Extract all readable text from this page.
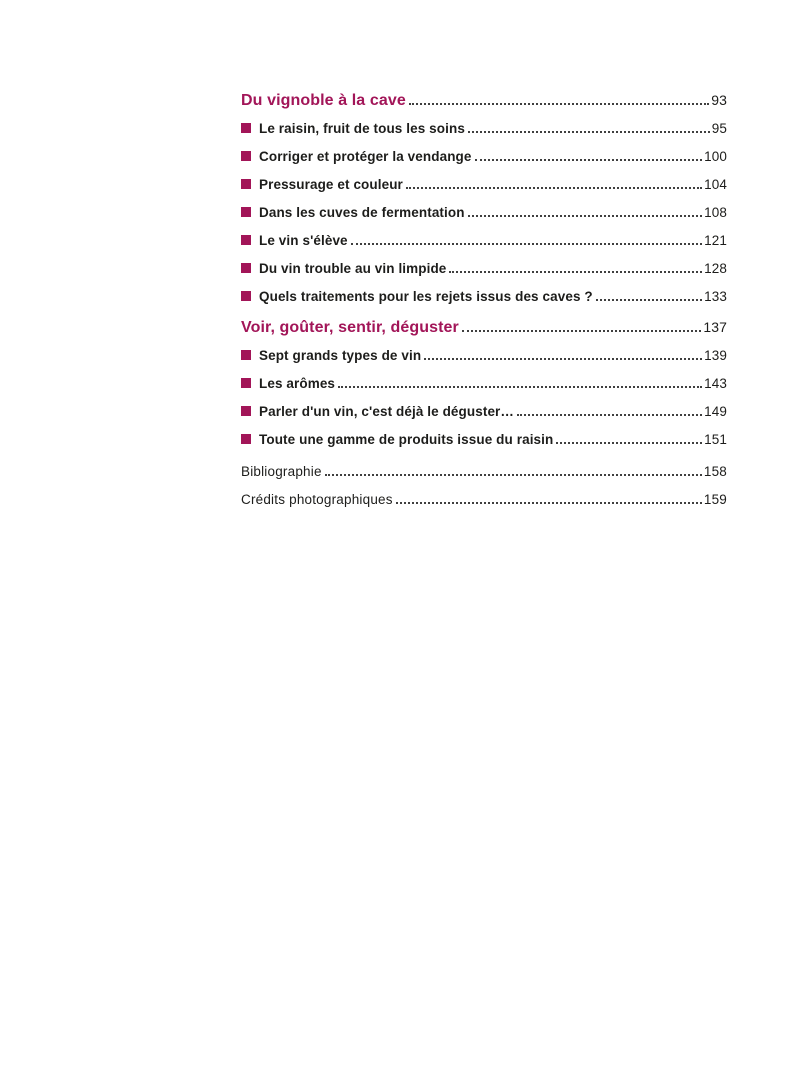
Du vignoble à la cave	93
Le raisin, fruit de tous les soins	95
Corriger et protéger la vendange	100
Pressurage et couleur	104
Dans les cuves de fermentation	108
Le vin s'élève	121
Du vin trouble au vin limpide	128
Quels traitements pour les rejets issus des caves ?	133
Voir, goûter, sentir, déguster	137
Sept grands types de vin	139
Les arômes	143
Parler d'un vin, c'est déjà le déguster…	149
Toute une gamme de produits issue du raisin	151
Bibliographie	158
Crédits photographiques	159
